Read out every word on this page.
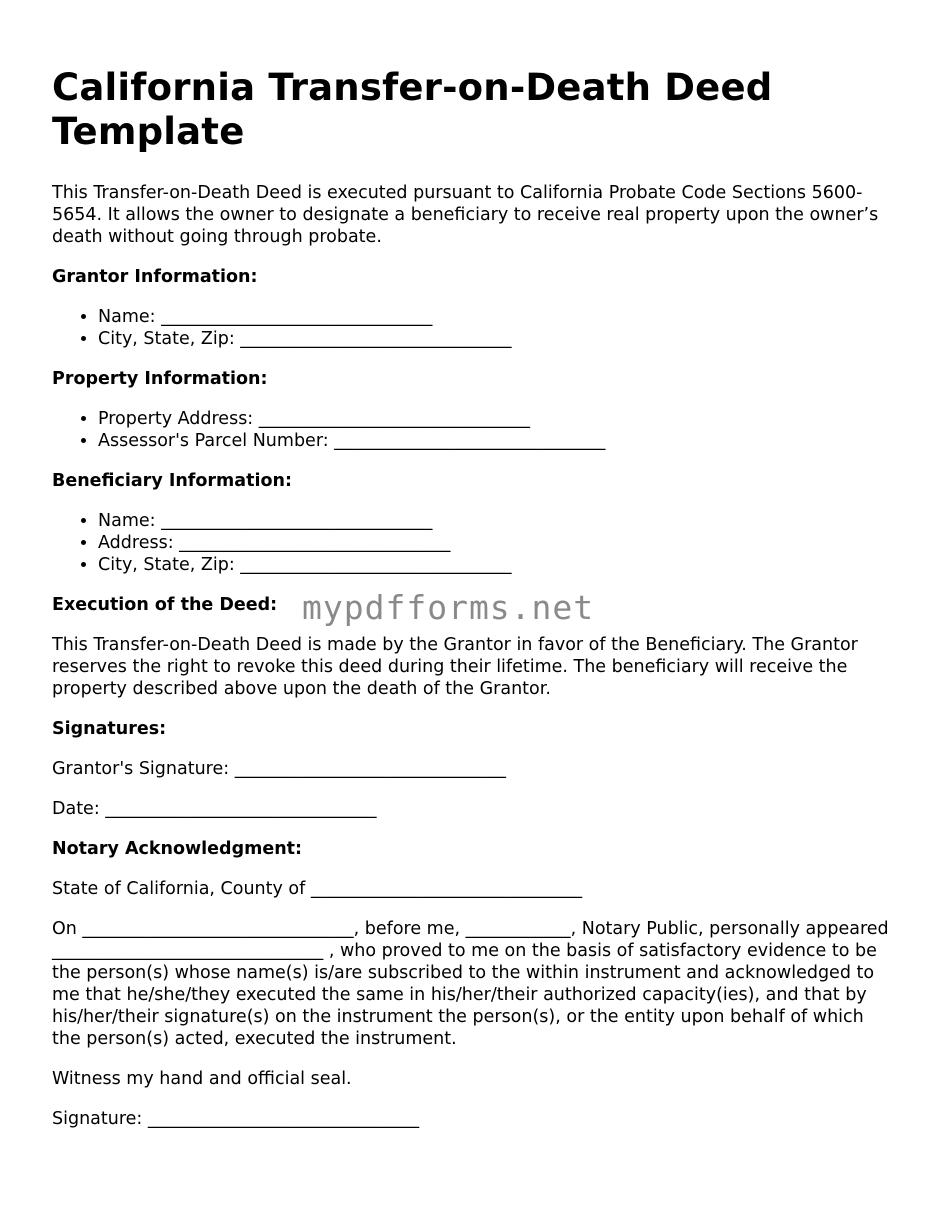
California Transfer-on-Death Deed Template

This Transfer-on-Death Deed is executed pursuant to California Probate Code Sections 5600-5654. It allows the owner to designate a beneficiary to receive real property upon the owner’s death without going through probate.

Grantor Information:
• Name: _______________________________
• City, State, Zip: _______________________________
Property Information:
• Property Address: _______________________________
• Assessor's Parcel Number: _______________________________
Beneficiary Information:
• Name: _______________________________
• Address: _______________________________
• City, State, Zip: _______________________________
Execution of the Deed:

This Transfer-on-Death Deed is made by the Grantor in favor of the Beneficiary. The Grantor reserves the right to revoke this deed during their lifetime. The beneficiary will receive the property described above upon the death of the Grantor.

Signatures:

Grantor's Signature: _______________________________

Date: _______________________________

Notary Acknowledgment:

State of California, County of _______________________________

On _______________________________, before me, ____________, Notary Public, personally appeared _______________________________ , who proved to me on the basis of satisfactory evidence to be the person(s) whose name(s) is/are subscribed to the within instrument and acknowledged to me that he/she/they executed the same in his/her/their authorized capacity(ies), and that by his/her/their signature(s) on the instrument the person(s), or the entity upon behalf of which the person(s) acted, executed the instrument.

Witness my hand and official seal.

Signature: _______________________________

mypdfforms.net
